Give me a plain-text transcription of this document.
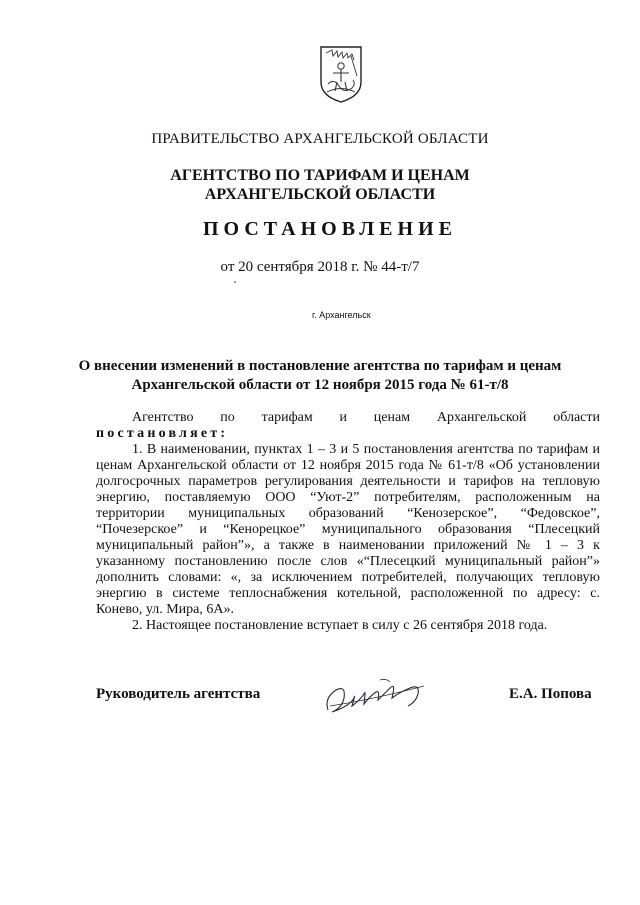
ПРАВИТЕЛЬСТВО АРХАНГЕЛЬСКОЙ ОБЛАСТИ
АГЕНТСТВО ПО ТАРИФАМ И ЦЕНАМ
АРХАНГЕЛЬСКОЙ ОБЛАСТИ
ПОСТАНОВЛЕНИЕ
от 20 сентября 2018 г. № 44-т/7
г. Архангельск
О внесении изменений в постановление агентства по тарифам и ценам
Архангельской области от 12 ноября 2015 года № 61-т/8

Агентство по тарифам и ценам Архангельской области

постановляет:

1. В наименовании, пунктах 1 – 3 и 5 постановления агентства по тарифам и ценам Архангельской области от 12 ноября 2015 года № 61-т/8 «Об установлении долгосрочных параметров регулирования деятельности и тарифов на тепловую энергию, поставляемую ООО “Уют-2” потребителям, расположенным на территории муниципальных образований “Кенозерское”, “Федовское”, “Почезерское” и “Кенорецкое” муниципального образования “Плесецкий муниципальный район”», а также в наименовании приложений № 1 – 3 к указанному постановлению после слов «“Плесецкий муниципальный район”» дополнить словами: «, за исключением потребителей, получающих тепловую энергию в системе теплоснабжения котельной, расположенной по адресу: с. Конево, ул. Мира, 6А».

2. Настоящее постановление вступает в силу с 26 сентября 2018 года.

Руководитель агентства	Е.А. Попова
